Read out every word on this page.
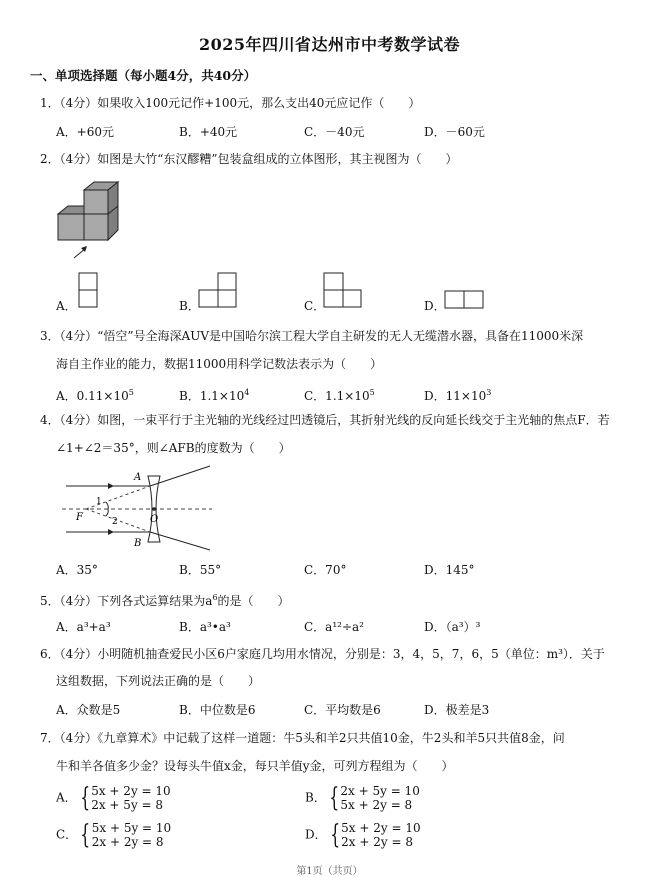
2025年四川省达州市中考数学试卷
一、单项选择题（每小题4分，共40分）
1．（4分）如果收入100元记作+100元，那么支出40元应记作（　　）
A．+60元	B．+40元	C．－40元	D．－60元
2．（4分）如图是大竹“东汉醪糟”包装盒组成的立体图形，其主视图为（　　）
A．	B．	C．	D．
3．（4分）“悟空”号全海深AUV是中国哈尔滨工程大学自主研发的无人无缆潜水器，具备在11000米深
海自主作业的能力，数据11000用科学记数法表示为（　　）
A．$0.11\times 10^5$	B．$1.1\times 10^4$	C．$1.1\times 10^5$	D．$11\times 10^3$
4．（4分）如图，一束平行于主光轴的光线经过凹透镜后，其折射光线的反向延长线交于主光轴的焦点F．若
∠1+∠2＝35°，则∠AFB的度数为（　　）
A
B
F	O
1
2
A．35°	B．55°	C．70°	D．145°
5．（4分）下列各式运算结果为$a^6$的是（　　）
A．a³+a³	B．a³•a³	C．a¹²÷a²	D．（a³）³
6．（4分）小明随机抽查爱民小区6户家庭几均用水情况，分别是：3，4，5，7，6，5（单位：m³）．关于
这组数据，下列说法正确的是（　　）
A．众数是5	B．中位数是6	C．平均数是6	D．极差是3
7．（4分）《九章算术》中记载了这样一道题：牛5头和羊2只共值10金，牛2头和羊5只共值8金，问
牛和羊各值多少金？设每头牛值x金，每只羊值y金，可列方程组为（　　）
A． {5x + 2y = 10
2x + 5y = 8
B． {2x + 5y = 10
5x + 2y = 8
C． {5x + 5y = 10
2x + 2y = 8
D． {5x + 2y = 10
2x + 2y = 8
第1页（共页）
